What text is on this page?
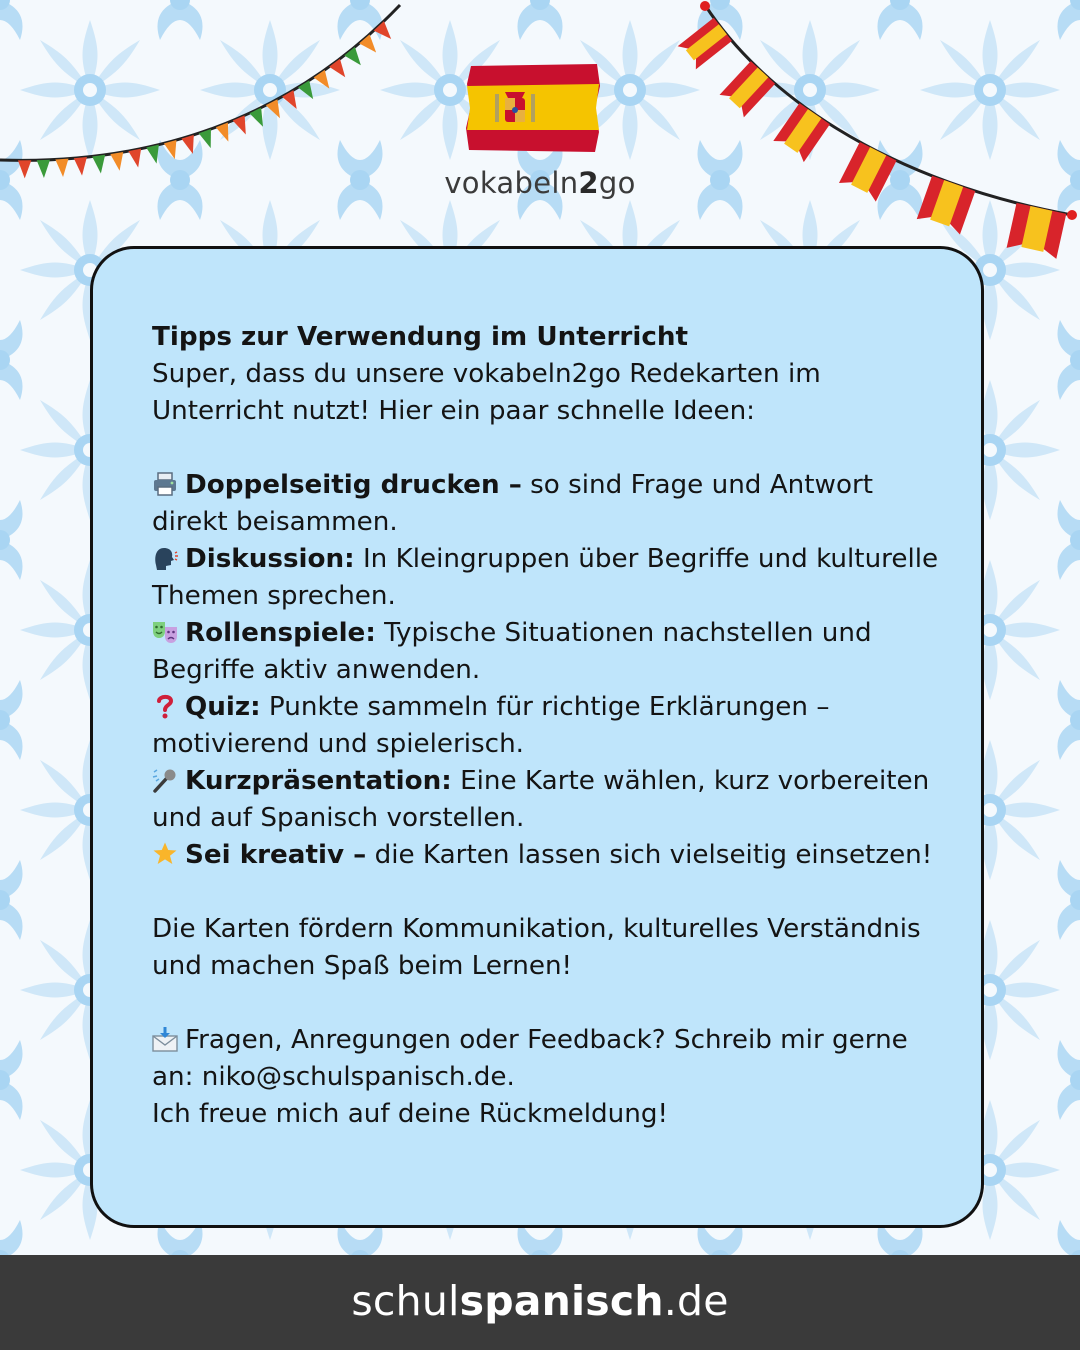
vokabeln2go

Tipps zur Verwendung im Unterricht

Super, dass du unsere vokabeln2go Redekarten im Unterricht nutzt! Hier ein paar schnelle Ideen:

Doppelseitig drucken – so sind Frage und Antwort direkt beisammen.

Diskussion: In Kleingruppen über Begriffe und kulturelle Themen sprechen.

Rollenspiele: Typische Situationen nachstellen und Begriffe aktiv anwenden.

Quiz: Punkte sammeln für richtige Erklärungen – motivierend und spielerisch.

Kurzpräsentation: Eine Karte wählen, kurz vorbereiten und auf Spanisch vorstellen.

Sei kreativ – die Karten lassen sich vielseitig einsetzen!

Die Karten fördern Kommunikation, kulturelles Verständnis und machen Spaß beim Lernen!

Fragen, Anregungen oder Feedback? Schreib mir gerne an: niko@schulspanisch.de.

Ich freue mich auf deine Rückmeldung!

schulspanisch.de
